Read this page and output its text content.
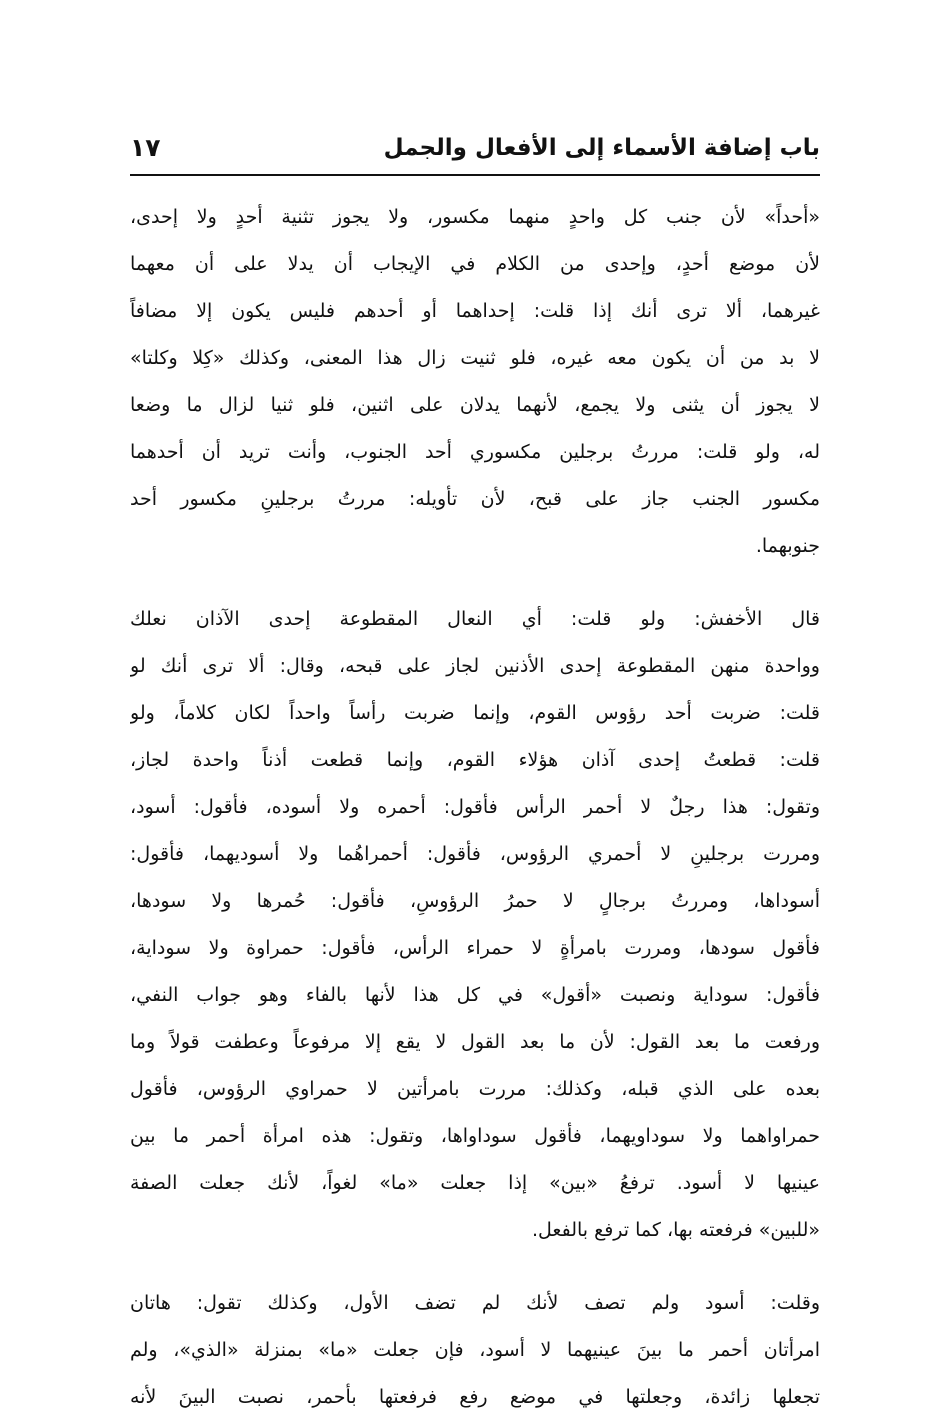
باب إضافة الأسماء إلى الأفعال والجمل
١٧

«أحداً» لأن جنب كل واحدٍ منهما مكسور، ولا يجوز تثنية أحدٍ ولا إحدى،
لأن موضع أحدٍ، وإحدى من الكلام في الإيجاب أن يدلا على أن معهما
غيرهما، ألا ترى أنك إذا قلت: إحداهما أو أحدهم فليس يكون إلا مضافاً
لا بد من أن يكون معه غيره، فلو ثنيت زال هذا المعنى، وكذلك «كِلا وكلتا»
لا يجوز أن يثنى ولا يجمع، لأنهما يدلان على اثنين، فلو ثنيا لزال ما وضعا
له، ولو قلت: مررتُ برجلين مكسوري أحد الجنوب، وأنت تريد أن أحدهما
مكسور الجنب جاز على قبح، لأن تأويله: مررتُ برجلينِ مكسور أحد
جنوبهما.

قال الأخفش: ولو قلت: أي النعال المقطوعة إحدى الآذان نعلك
وواحدة منهن المقطوعة إحدى الأذنين لجاز على قبحه، وقال: ألا ترى أنك لو
قلت: ضربت أحد رؤوس القوم، وإنما ضربت رأساً واحداً لكان كلاماً، ولو
قلت: قطعتُ إحدى آذان هؤلاء القوم، وإنما قطعت أذناً واحدة لجاز،
وتقول: هذا رجلٌ لا أحمر الرأس فأقول: أحمره ولا أسوده، فأقول: أسود،
ومررت برجلينِ لا أحمري الرؤوس، فأقول: أحمراهُما ولا أسوديهما، فأقول:
أسوداها، ومررتُ برجالٍ لا حمرُ الرؤوسِ، فأقول: حُمرها ولا سودها،
فأقول سودها، ومررت بامرأةٍ لا حمراء الرأس، فأقول: حمراوة ولا سوداية،
فأقول: سوداية ونصبت «أقول» في كل هذا لأنها بالفاء وهو جواب النفي،
ورفعت ما بعد القول: لأن ما بعد القول لا يقع إلا مرفوعاً وعطفت قولاً وما
بعده على الذي قبله، وكذلك: مررت بامرأتين لا حمراوي الرؤوس، فأقول
حمراواهما ولا سوداويهما، فأقول سوداواها، وتقول: هذه امرأة أحمر ما بين
عينيها لا أسود. ترفعُ «بين» إذا جعلت «ما» لغواً، لأنك جعلت الصفة
«للبين» فرفعته بها، كما ترفع بالفعل.

وقلت: أسود ولم تصف لأنك لم تضف الأول، وكذلك تقول: هاتان
امرأتان أحمر ما بينَ عينيهما لا أسود، فإن جعلت «ما» بمنزلة «الذي»، ولم
تجعلها زائدة، وجعلتها في موضع رفع فرفعتها بأحمر، نصبت البينَ لأنه
